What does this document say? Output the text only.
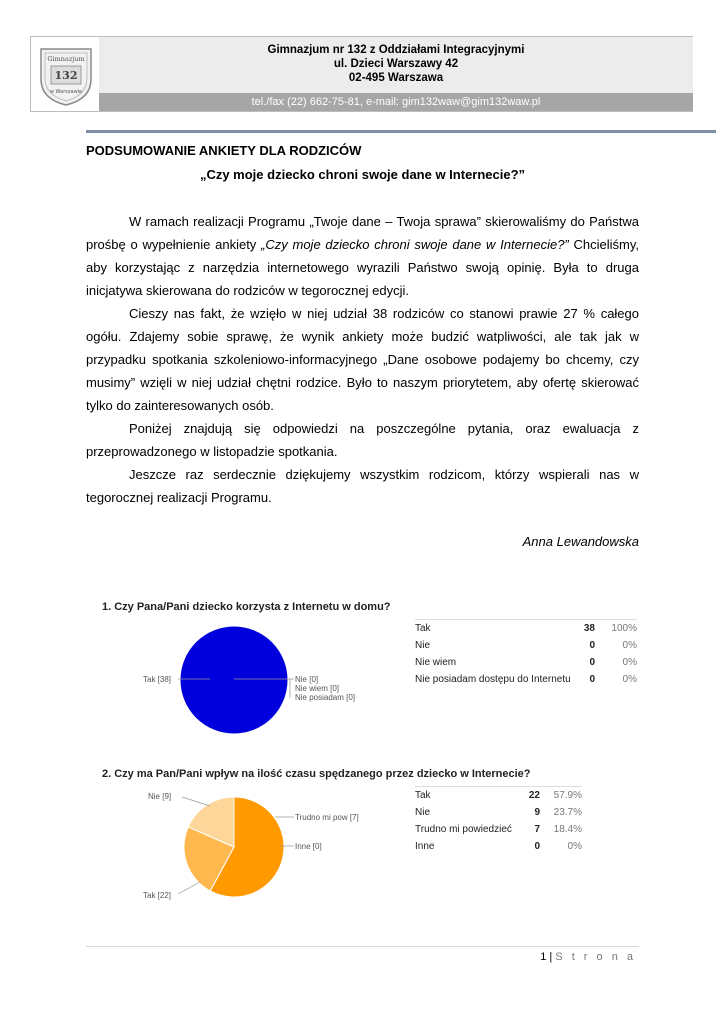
Gimnazjum
132
w Warszawie
Gimnazjum nr 132 z Oddziałami Integracyjnymi
ul. Dzieci Warszawy 42
02-495 Warszawa
tel./fax (22) 662-75-81, e-mail: gim132waw@gim132waw.pl
PODSUMOWANIE ANKIETY DLA RODZICÓW
„Czy moje dziecko chroni swoje dane w Internecie?”

W ramach realizacji Programu „Twoje dane – Twoja sprawa” skierowaliśmy do Państwa prośbę o wypełnienie ankiety „Czy moje dziecko chroni swoje dane w Internecie?” Chcieliśmy, aby korzystając z narzędzia internetowego wyrazili Państwo swoją opinię. Była to druga inicjatywa skierowana do rodziców w tegorocznej edycji.

Cieszy nas fakt, że wzięło w niej udział 38 rodziców co stanowi prawie 27 % całego ogółu. Zdajemy sobie sprawę, że wynik ankiety może budzić watpliwości, ale tak jak w przypadku spotkania szkoleniowo-informacyjnego „Dane osobowe podajemy bo chcemy, czy musimy” wzięli w niej udział chętni rodzice. Było to naszym priorytetem, aby ofertę skierować tylko do zainteresowanych osób.

Poniżej znajdują się odpowiedzi na poszczególne pytania, oraz ewaluacja z przeprowadzonego w listopadzie spotkania.

Jeszcze raz serdecznie dziękujemy wszystkim rodzicom, którzy wspierali nas w tegorocznej realizacji Programu.

Anna Lewandowska
1. Czy Pana/Pani dziecko korzysta z Internetu w domu?
Tak [38]	Nie [0]
Nie wiem [0]
Nie posiadam [0]
Tak	38	100%
Nie	0	0%
Nie wiem	0	0%
Nie posiadam dostępu do Internetu	0	0%
2. Czy ma Pan/Pani wpływ na ilość czasu spędzanego przez dziecko w Internecie?
Nie [9]
Trudno mi pow [7]
Inne [0]
Tak [22]
Tak	22	57.9%
Nie	9	23.7%
Trudno mi powiedzieć	7	18.4%
Inne	0	0%
1 | S t r o n a
